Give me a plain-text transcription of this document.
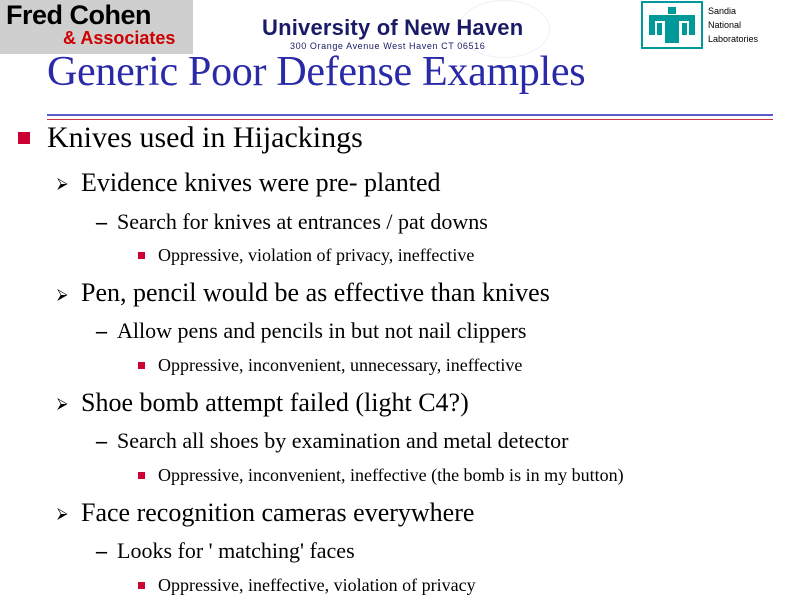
Fred Cohen
& Associates	University of New Haven
300 Orange Avenue West Haven CT 06516
Sandia
National
Laboratories
Generic Poor Defense Examples
Knives used in Hijackings
⮚ Evidence knives were pre- planted
– Search for knives at entrances / pat downs
Oppressive, violation of privacy, ineffective
⮚ Pen, pencil would be as effective than knives
– Allow pens and pencils in but not nail clippers
Oppressive, inconvenient, unnecessary, ineffective
⮚ Shoe bomb attempt failed (light C4?)
– Search all shoes by examination and metal detector
Oppressive, inconvenient, ineffective (the bomb is in my button)
⮚ Face recognition cameras everywhere
– Looks for ' matching' faces
Oppressive, ineffective, violation of privacy
